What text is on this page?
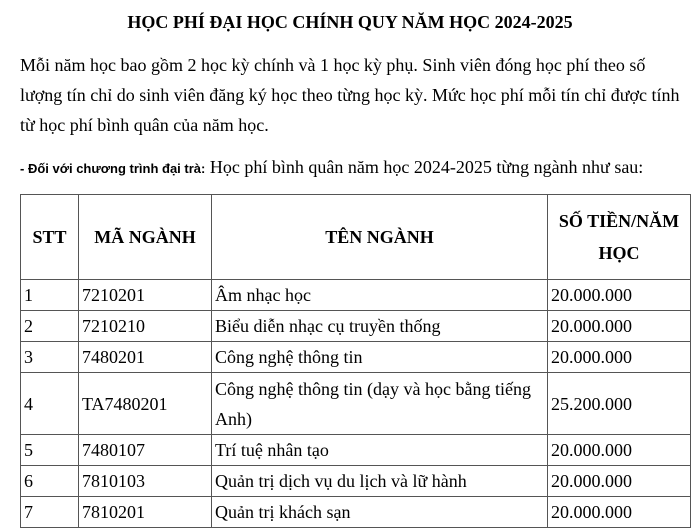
HỌC PHÍ ĐẠI HỌC CHÍNH QUY NĂM HỌC 2024-2025

Mỗi năm học bao gồm 2 học kỳ chính và 1 học kỳ phụ. Sinh viên đóng học phí theo số lượng tín chỉ do sinh viên đăng ký học theo từng học kỳ. Mức học phí mỗi tín chỉ được tính từ học phí bình quân của năm học.

- Đối với chương trình đại trà: Học phí bình quân năm học 2024-2025 từng ngành như sau:
STT	MÃ NGÀNH	TÊN NGÀNH	SỐ TIỀN/NĂM HỌC
1	7210201	Âm nhạc học	20.000.000
2	7210210	Biểu diễn nhạc cụ truyền thống	20.000.000
3	7480201	Công nghệ thông tin	20.000.000
4	TA7480201	Công nghệ thông tin (dạy và học bằng tiếng Anh)	25.200.000
5	7480107	Trí tuệ nhân tạo	20.000.000
6	7810103	Quản trị dịch vụ du lịch và lữ hành	20.000.000
7	7810201	Quản trị khách sạn	20.000.000
